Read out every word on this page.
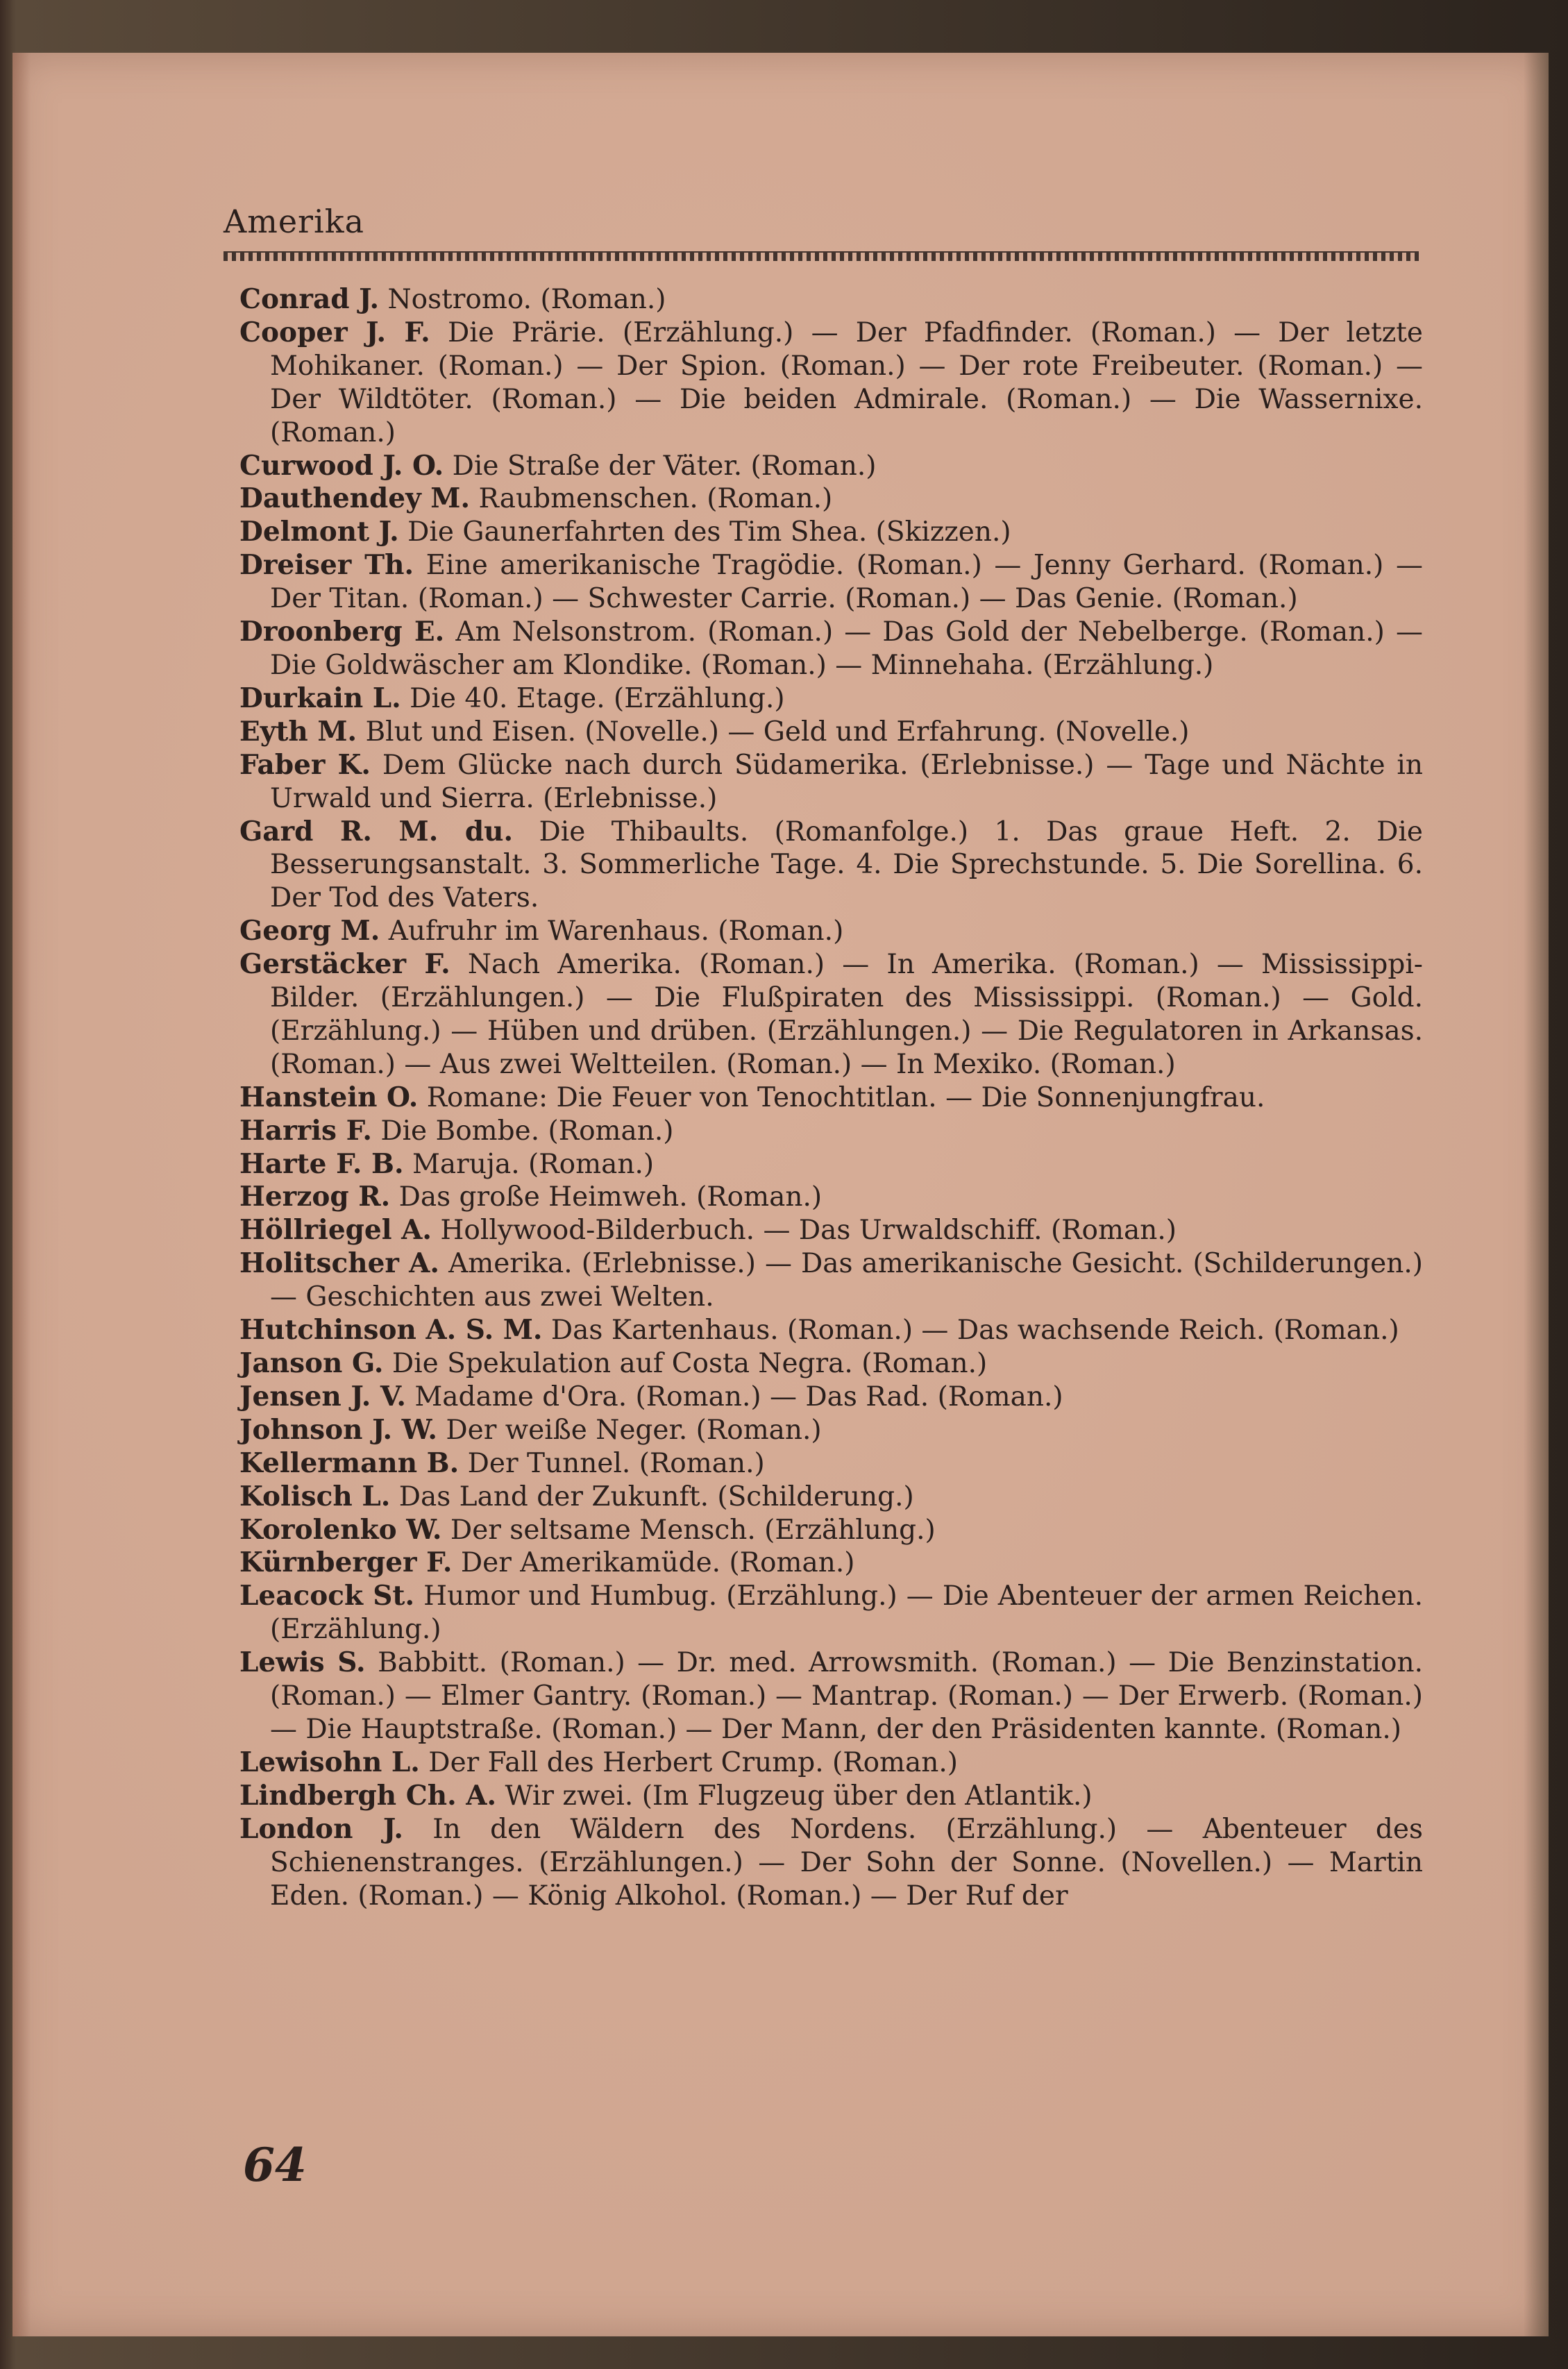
Amerika
Conrad J. Nostromo. (Roman.)
Cooper J. F. Die Prärie. (Erzählung.) — Der Pfadfinder. (Roman.) — Der letzte Mohikaner. (Roman.) — Der Spion. (Roman.) — Der rote Freibeuter. (Roman.) — Der Wildtöter. (Roman.) — Die beiden Admirale. (Roman.) — Die Wassernixe. (Roman.)
Curwood J. O. Die Straße der Väter. (Roman.)
Dauthendey M. Raubmenschen. (Roman.)
Delmont J. Die Gaunerfahrten des Tim Shea. (Skizzen.)
Dreiser Th. Eine amerikanische Tragödie. (Roman.) — Jenny Gerhard. (Roman.) — Der Titan. (Roman.) — Schwester Carrie. (Roman.) — Das Genie. (Roman.)
Droonberg E. Am Nelsonstrom. (Roman.) — Das Gold der Nebelberge. (Roman.) — Die Goldwäscher am Klondike. (Roman.) — Minnehaha. (Erzählung.)
Durkain L. Die 40. Etage. (Erzählung.)
Eyth M. Blut und Eisen. (Novelle.) — Geld und Erfahrung. (Novelle.)
Faber K. Dem Glücke nach durch Südamerika. (Erlebnisse.) — Tage und Nächte in Urwald und Sierra. (Erlebnisse.)
Gard R. M. du. Die Thibaults. (Romanfolge.) 1. Das graue Heft. 2. Die Besserungsanstalt. 3. Sommerliche Tage. 4. Die Sprechstunde. 5. Die Sorellina. 6. Der Tod des Vaters.
Georg M. Aufruhr im Warenhaus. (Roman.)
Gerstäcker F. Nach Amerika. (Roman.) — In Amerika. (Roman.) — Mississippi-Bilder. (Erzählungen.) — Die Flußpiraten des Mississippi. (Roman.) — Gold. (Erzählung.) — Hüben und drüben. (Erzählungen.) — Die Regulatoren in Arkansas. (Roman.) — Aus zwei Weltteilen. (Roman.) — In Mexiko. (Roman.)
Hanstein O. Romane: Die Feuer von Tenochtitlan. — Die Sonnenjungfrau.
Harris F. Die Bombe. (Roman.)
Harte F. B. Maruja. (Roman.)
Herzog R. Das große Heimweh. (Roman.)
Höllriegel A. Hollywood-Bilderbuch. — Das Urwaldschiff. (Roman.)
Holitscher A. Amerika. (Erlebnisse.) — Das amerikanische Gesicht. (Schilderungen.) — Geschichten aus zwei Welten.
Hutchinson A. S. M. Das Kartenhaus. (Roman.) — Das wachsende Reich. (Roman.)
Janson G. Die Spekulation auf Costa Negra. (Roman.)
Jensen J. V. Madame d'Ora. (Roman.) — Das Rad. (Roman.)
Johnson J. W. Der weiße Neger. (Roman.)
Kellermann B. Der Tunnel. (Roman.)
Kolisch L. Das Land der Zukunft. (Schilderung.)
Korolenko W. Der seltsame Mensch. (Erzählung.)
Kürnberger F. Der Amerikamüde. (Roman.)
Leacock St. Humor und Humbug. (Erzählung.) — Die Abenteuer der armen Reichen. (Erzählung.)
Lewis S. Babbitt. (Roman.) — Dr. med. Arrowsmith. (Roman.) — Die Benzinstation. (Roman.) — Elmer Gantry. (Roman.) — Mantrap. (Roman.) — Der Erwerb. (Roman.) — Die Hauptstraße. (Roman.) — Der Mann, der den Präsidenten kannte. (Roman.)
Lewisohn L. Der Fall des Herbert Crump. (Roman.)
Lindbergh Ch. A. Wir zwei. (Im Flugzeug über den Atlantik.)
London J. In den Wäldern des Nordens. (Erzählung.) — Abenteuer des Schienenstranges. (Erzählungen.) — Der Sohn der Sonne. (Novellen.) — Martin Eden. (Roman.) — König Alkohol. (Roman.) — Der Ruf der
64
